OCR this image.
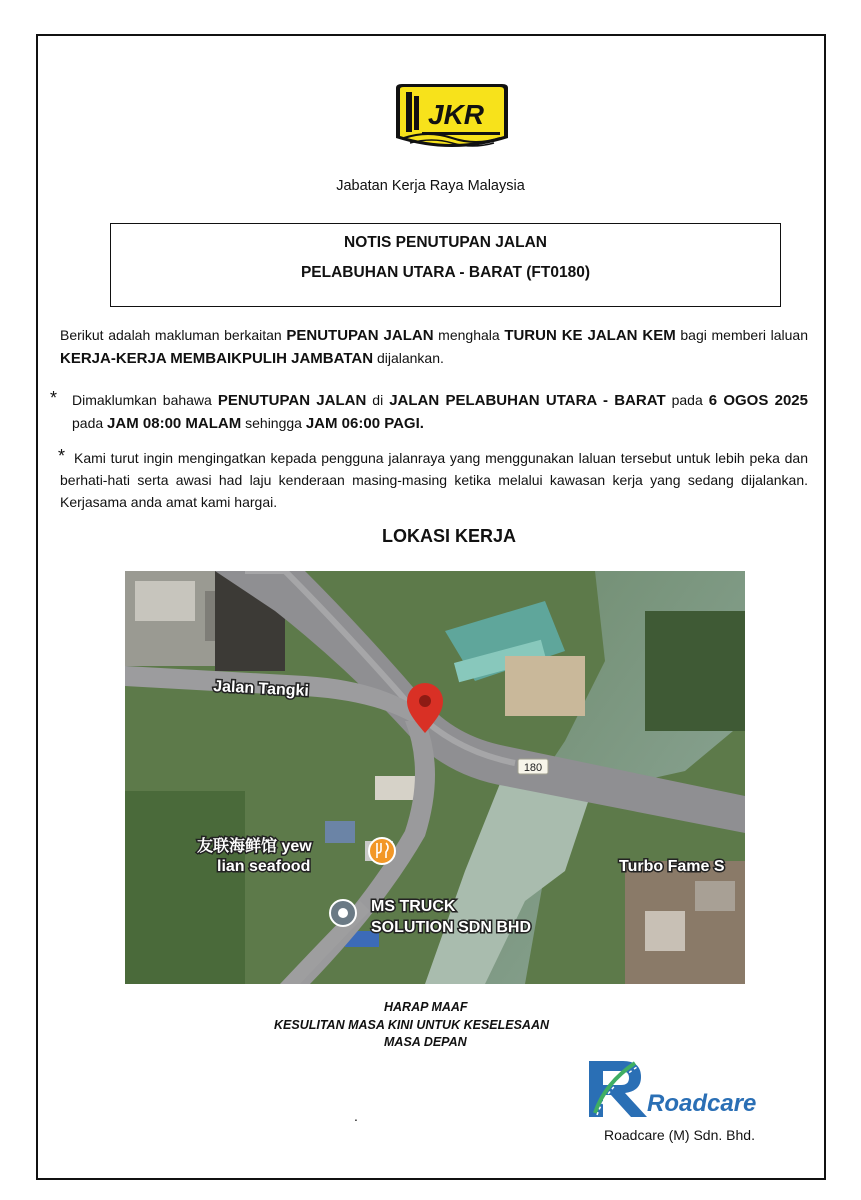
JKR
Jabatan Kerja Raya Malaysia
NOTIS PENUTUPAN JALAN
PELABUHAN UTARA - BARAT (FT0180)
Berikut adalah makluman berkaitan PENUTUPAN JALAN menghala TURUN KE JALAN KEM bagi memberi laluan KERJA-KERJA MEMBAIKPULIH JAMBATAN dijalankan.
* Dimaklumkan bahawa PENUTUPAN JALAN di JALAN PELABUHAN UTARA - BARAT pada 6 OGOS 2025 pada JAM 08:00 MALAM sehingga JAM 06:00 PAGI.
* Kami turut ingin mengingatkan kepada pengguna jalanraya yang menggunakan laluan tersebut untuk lebih peka dan berhati-hati serta awasi had laju kenderaan masing-masing ketika melalui kawasan kerja yang sedang dijalankan. Kerjasama anda amat kami hargai.
LOKASI KERJA
Jalan Tangki
180
友联海鲜馆 yew
lian seafood
MS TRUCK
SOLUTION SDN BHD
Turbo Fame S
HARAP MAAF
KESULITAN MASA KINI UNTUK KESELESAAN
MASA DEPAN
.	Roadcare
Roadcare (M) Sdn. Bhd.
